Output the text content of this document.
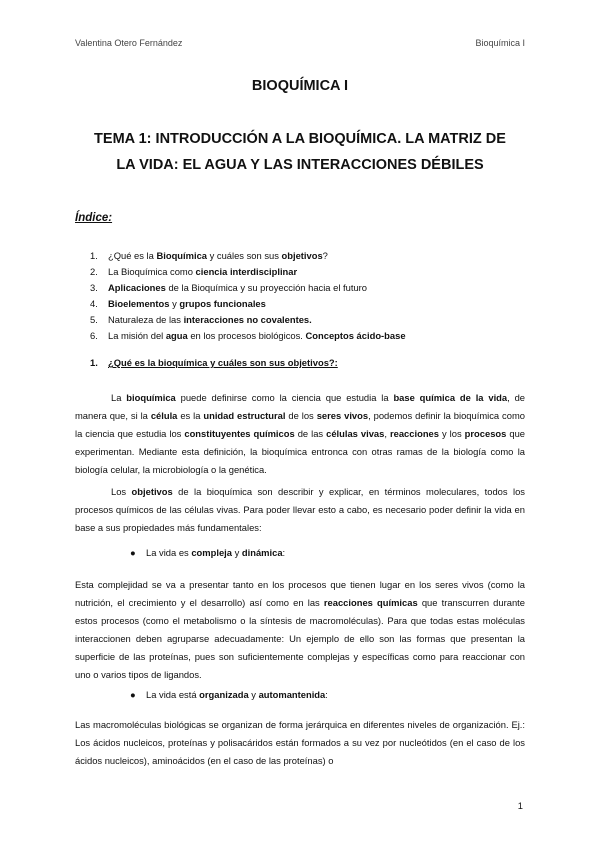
Valentina Otero Fernández	Bioquímica I
BIOQUÍMICA I
TEMA 1: INTRODUCCIÓN A LA BIOQUÍMICA. LA MATRIZ DE
LA VIDA: EL AGUA Y LAS INTERACCIONES DÉBILES
Índice:
1. ¿Qué es la Bioquímica y cuáles son sus objetivos?
2. La Bioquímica como ciencia interdisciplinar
3. Aplicaciones de la Bioquímica y su proyección hacia el futuro
4. Bioelementos y grupos funcionales
5. Naturaleza de las interacciones no covalentes.
6. La misión del agua en los procesos biológicos. Conceptos ácido-base
1. ¿Qué es la bioquímica y cuáles son sus objetivos?:
La bioquímica puede definirse como la ciencia que estudia la base química de la vida, de manera que, si la célula es la unidad estructural de los seres vivos, podemos definir la bioquímica como la ciencia que estudia los constituyentes químicos de las células vivas, reacciones y los procesos que experimentan. Mediante esta definición, la bioquímica entronca con otras ramas de la biología como la biología celular, la microbiología o la genética.
Los objetivos de la bioquímica son describir y explicar, en términos moleculares, todos los procesos químicos de las células vivas. Para poder llevar esto a cabo, es necesario poder definir la vida en base a sus propiedades más fundamentales:
● La vida es compleja y dinámica:
Esta complejidad se va a presentar tanto en los procesos que tienen lugar en los seres vivos (como la nutrición, el crecimiento y el desarrollo) así como en las reacciones químicas que transcurren durante estos procesos (como el metabolismo o la síntesis de macromoléculas). Para que todas estas moléculas interaccionen deben agruparse adecuadamente: Un ejemplo de ello son las formas que presentan la superficie de las proteínas, pues son suficientemente complejas y específicas como para reaccionar con uno o varios tipos de ligandos.
● La vida está organizada y automantenida:
Las macromoléculas biológicas se organizan de forma jerárquica en diferentes niveles de organización. Ej.: Los ácidos nucleicos, proteínas y polisacáridos están formados a su vez por nucleótidos (en el caso de los ácidos nucleicos), aminoácidos (en el caso de las proteínas) o
1
